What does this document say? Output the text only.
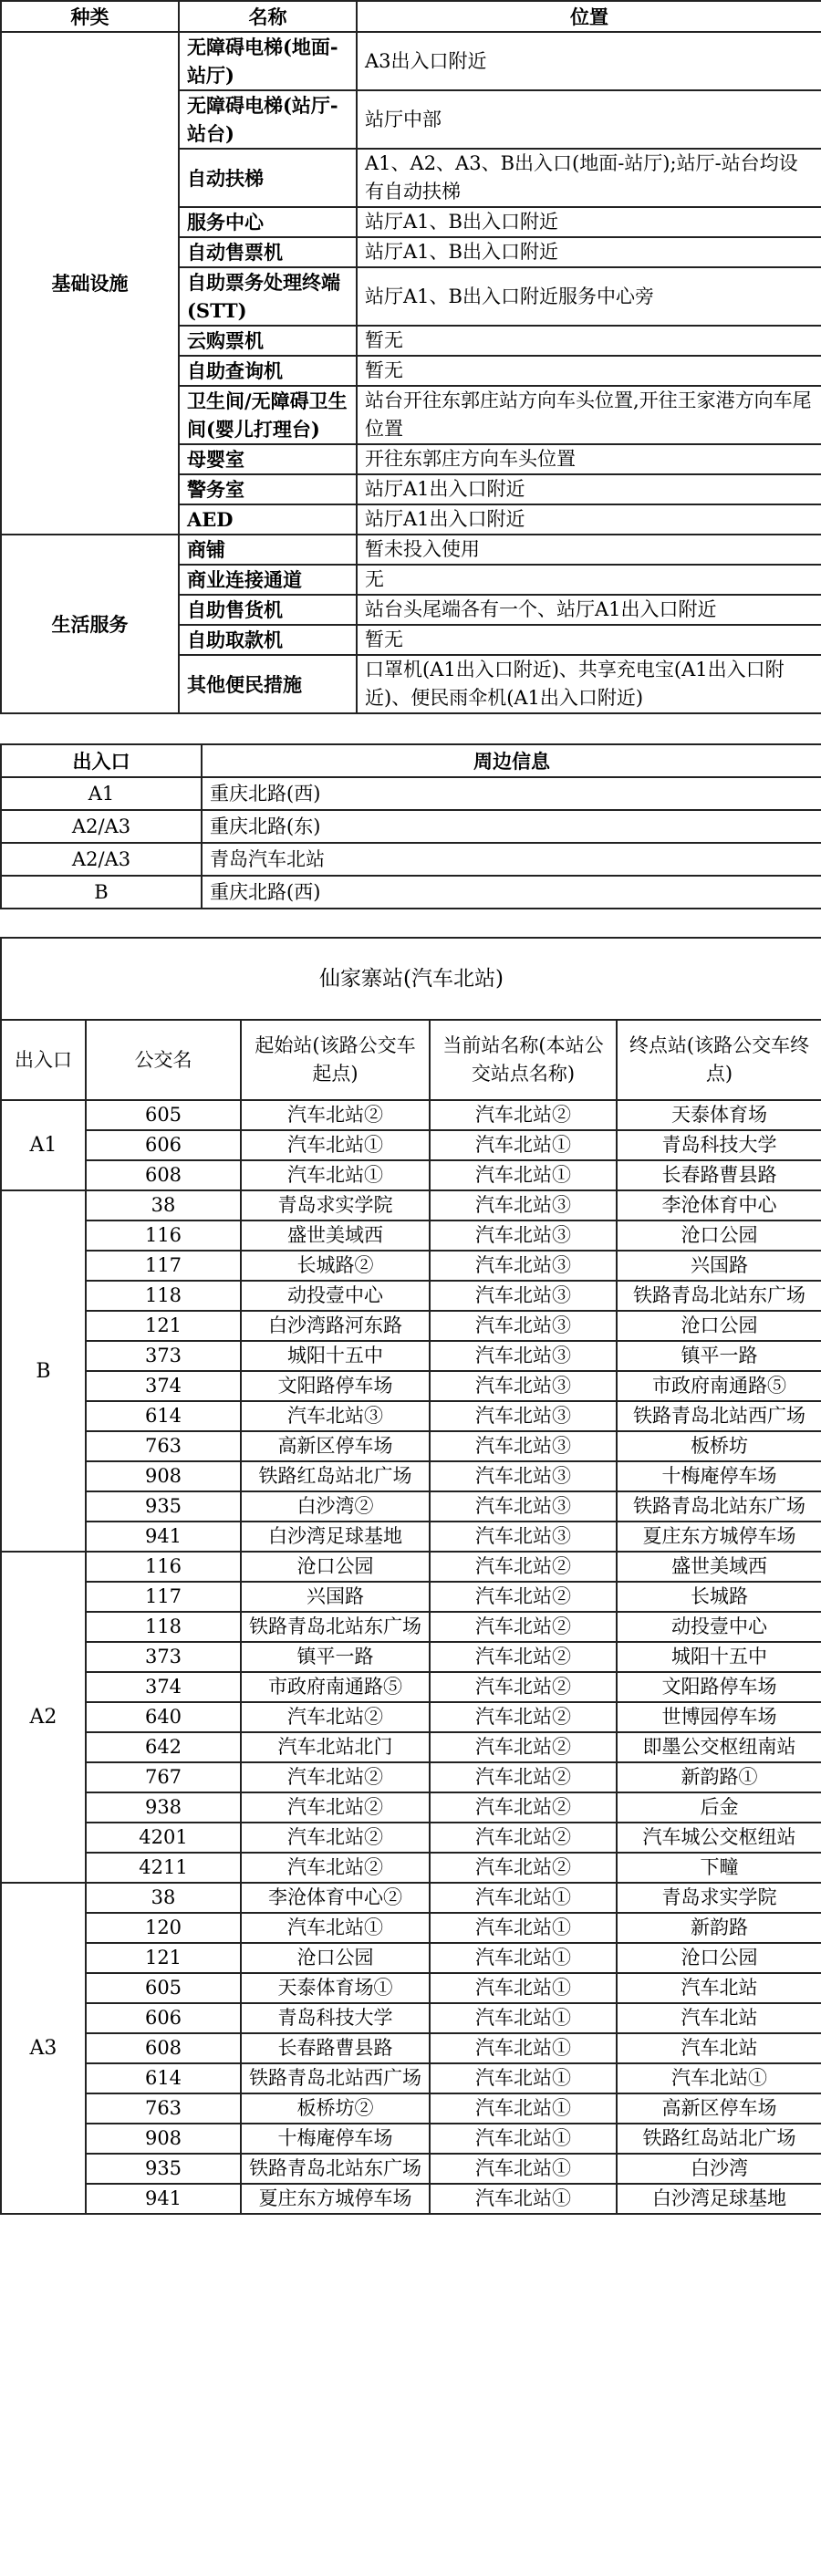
种类	名称	位置
基础设施	无障碍电梯(地面-站厅)	A3出入口附近
	无障碍电梯(站厅-站台)	站厅中部
	自动扶梯	A1、A2、A3、B出入口(地面-站厅);站厅-站台均设有自动扶梯
	服务中心	站厅A1、B出入口附近
	自动售票机	站厅A1、B出入口附近
	自助票务处理终端(STT)	站厅A1、B出入口附近服务中心旁
	云购票机	暂无
	自助查询机	暂无
	卫生间/无障碍卫生间(婴儿打理台)	站台开往东郭庄站方向车头位置,开往王家港方向车尾位置
	母婴室	开往东郭庄方向车头位置
	警务室	站厅A1出入口附近
	AED	站厅A1出入口附近
生活服务	商铺	暂未投入使用
	商业连接通道	无
	自助售货机	站台头尾端各有一个、站厅A1出入口附近
	自助取款机	暂无
	其他便民措施	口罩机(A1出入口附近)、共享充电宝(A1出入口附近)、便民雨伞机(A1出入口附近)
出入口	周边信息
A1	重庆北路(西)
A2/A3	重庆北路(东)
A2/A3	青岛汽车北站
B	重庆北路(西)
仙家寨站(汽车北站)				
出入口	公交名	起始站(该路公交车起点)	当前站名称(本站公交站点名称)	终点站(该路公交车终点)
A1	605	汽车北站②	汽车北站②	天泰体育场
	606	汽车北站①	汽车北站①	青岛科技大学
	608	汽车北站①	汽车北站①	长春路曹县路
B	38	青岛求实学院	汽车北站③	李沧体育中心
	116	盛世美域西	汽车北站③	沧口公园
	117	长城路②	汽车北站③	兴国路
	118	动投壹中心	汽车北站③	铁路青岛北站东广场
	121	白沙湾路河东路	汽车北站③	沧口公园
	373	城阳十五中	汽车北站③	镇平一路
	374	文阳路停车场	汽车北站③	市政府南通路⑤
	614	汽车北站③	汽车北站③	铁路青岛北站西广场
	763	高新区停车场	汽车北站③	板桥坊
	908	铁路红岛站北广场	汽车北站③	十梅庵停车场
	935	白沙湾②	汽车北站③	铁路青岛北站东广场
	941	白沙湾足球基地	汽车北站③	夏庄东方城停车场
A2	116	沧口公园	汽车北站②	盛世美域西
	117	兴国路	汽车北站②	长城路
	118	铁路青岛北站东广场	汽车北站②	动投壹中心
	373	镇平一路	汽车北站②	城阳十五中
	374	市政府南通路⑤	汽车北站②	文阳路停车场
	640	汽车北站②	汽车北站②	世博园停车场
	642	汽车北站北门	汽车北站②	即墨公交枢纽南站
	767	汽车北站②	汽车北站②	新韵路①
	938	汽车北站②	汽车北站②	后金
	4201	汽车北站②	汽车北站②	汽车城公交枢纽站
	4211	汽车北站②	汽车北站②	下疃
A3	38	李沧体育中心②	汽车北站①	青岛求实学院
	120	汽车北站①	汽车北站①	新韵路
	121	沧口公园	汽车北站①	沧口公园
	605	天泰体育场①	汽车北站①	汽车北站
	606	青岛科技大学	汽车北站①	汽车北站
	608	长春路曹县路	汽车北站①	汽车北站
	614	铁路青岛北站西广场	汽车北站①	汽车北站①
	763	板桥坊②	汽车北站①	高新区停车场
	908	十梅庵停车场	汽车北站①	铁路红岛站北广场
	935	铁路青岛北站东广场	汽车北站①	白沙湾
	941	夏庄东方城停车场	汽车北站①	白沙湾足球基地
